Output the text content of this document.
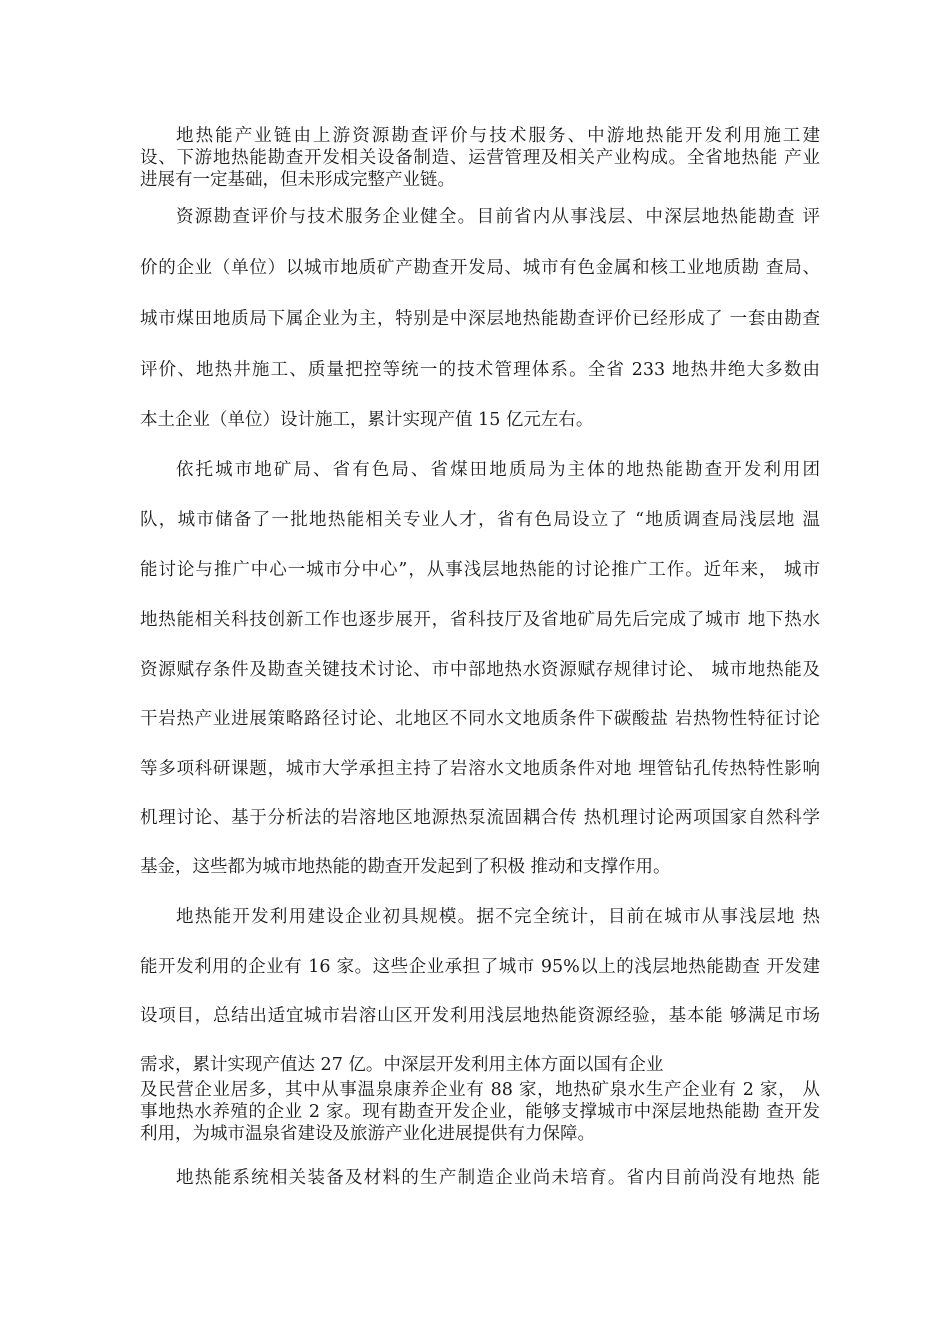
地热能产业链由上游资源勘查评价与技术服务、中游地热能开发利用施工建
设、下游地热能勘查开发相关设备制造、运营管理及相关产业构成。全省地热能 产业
进展有一定基础，但未形成完整产业链。
资源勘查评价与技术服务企业健全。目前省内从事浅层、中深层地热能勘查 评
价的企业（单位）以城市地质矿产勘查开发局、城市有色金属和核工业地质勘 查局、
城市煤田地质局下属企业为主，特别是中深层地热能勘查评价已经形成了 一套由勘查
评价、地热井施工、质量把控等统一的技术管理体系。全省 233 地热井绝大多数由
本土企业（单位）设计施工，累计实现产值 15 亿元左右。
依托城市地矿局、省有色局、省煤田地质局为主体的地热能勘查开发利用团
队，城市储备了一批地热能相关专业人才，省有色局设立了 “地质调查局浅层地 温
能讨论与推广中心一城市分中心”，从事浅层地热能的讨论推广工作。近年来， 城市
地热能相关科技创新工作也逐步展开，省科技厅及省地矿局先后完成了城市 地下热水
资源赋存条件及勘查关键技术讨论、市中部地热水资源赋存规律讨论、 城市地热能及
干岩热产业进展策略路径讨论、北地区不同水文地质条件下碳酸盐 岩热物性特征讨论
等多项科研课题，城市大学承担主持了岩溶水文地质条件对地 埋管钻孔传热特性影响
机理讨论、基于分析法的岩溶地区地源热泵流固耦合传 热机理讨论两项国家自然科学
基金，这些都为城市地热能的勘查开发起到了积极 推动和支撑作用。
地热能开发利用建设企业初具规模。据不完全统计，目前在城市从事浅层地 热
能开发利用的企业有 16 家。这些企业承担了城市 95%以上的浅层地热能勘查 开发建
设项目，总结出适宜城市岩溶山区开发利用浅层地热能资源经验，基本能 够满足市场
需求，累计实现产值达 27 亿。中深层开发利用主体方面以国有企业
及民营企业居多，其中从事温泉康养企业有 88 家，地热矿泉水生产企业有 2 家， 从
事地热水养殖的企业 2 家。现有勘查开发企业，能够支撑城市中深层地热能勘 查开发
利用，为城市温泉省建设及旅游产业化进展提供有力保障。
地热能系统相关装备及材料的生产制造企业尚未培育。省内目前尚没有地热 能
